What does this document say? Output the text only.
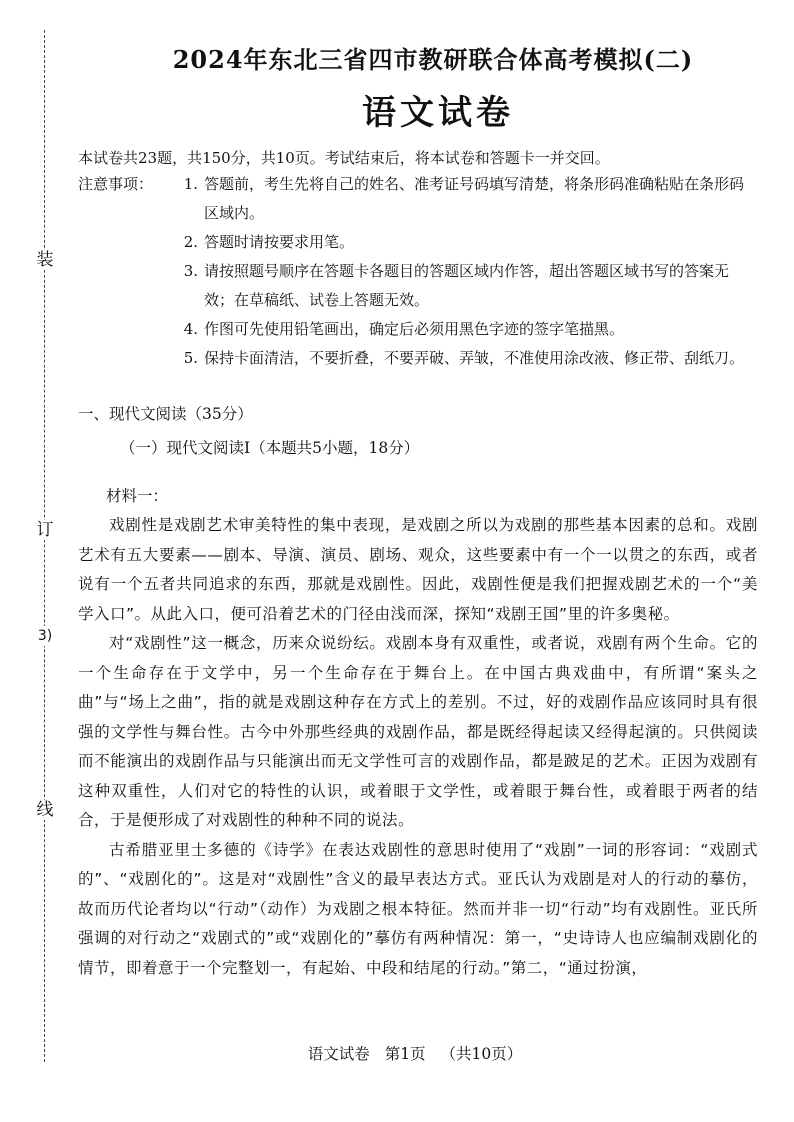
装
订
3)
线
2024年东北三省四市教研联合体高考模拟(二)
语文试卷
本试卷共23题，共150分，共10页。考试结束后，将本试卷和答题卡一并交回。
注意事项：	1. 答题前，考生先将自己的姓名、准考证号码填写清楚，将条形码准确粘贴在条形码区域内。
2. 答题时请按要求用笔。
3. 请按照题号顺序在答题卡各题目的答题区域内作答，超出答题区域书写的答案无效；在草稿纸、试卷上答题无效。
4. 作图可先使用铅笔画出，确定后必须用黑色字迹的签字笔描黑。
5. 保持卡面清洁，不要折叠，不要弄破、弄皱，不准使用涂改液、修正带、刮纸刀。
一、现代文阅读（35分）
（一）现代文阅读Ⅰ（本题共5小题，18分）
材料一：

戏剧性是戏剧艺术审美特性的集中表现，是戏剧之所以为戏剧的那些基本因素的总和。戏剧艺术有五大要素——剧本、导演、演员、剧场、观众，这些要素中有一个一以贯之的东西，或者说有一个五者共同追求的东西，那就是戏剧性。因此，戏剧性便是我们把握戏剧艺术的一个“美学入口”。从此入口，便可沿着艺术的门径由浅而深，探知“戏剧王国”里的许多奥秘。

对“戏剧性”这一概念，历来众说纷纭。戏剧本身有双重性，或者说，戏剧有两个生命。它的一个生命存在于文学中，另一个生命存在于舞台上。在中国古典戏曲中，有所谓“案头之曲”与“场上之曲”，指的就是戏剧这种存在方式上的差别。不过，好的戏剧作品应该同时具有很强的文学性与舞台性。古今中外那些经典的戏剧作品，都是既经得起读又经得起演的。只供阅读而不能演出的戏剧作品与只能演出而无文学性可言的戏剧作品，都是跛足的艺术。正因为戏剧有这种双重性，人们对它的特性的认识，或着眼于文学性，或着眼于舞台性，或着眼于两者的结合，于是便形成了对戏剧性的种种不同的说法。

古希腊亚里士多德的《诗学》在表达戏剧性的意思时使用了“戏剧”一词的形容词：“戏剧式的”、“戏剧化的”。这是对“戏剧性”含义的最早表达方式。亚氏认为戏剧是对人的行动的摹仿，故而历代论者均以“行动”（动作）为戏剧之根本特征。然而并非一切“行动”均有戏剧性。亚氏所强调的对行动之“戏剧式的”或“戏剧化的”摹仿有两种情况：第一，“史诗诗人也应编制戏剧化的情节，即着意于一个完整划一，有起始、中段和结尾的行动。”第二，“通过扮演，

语文试卷 第1页 （共10页）
